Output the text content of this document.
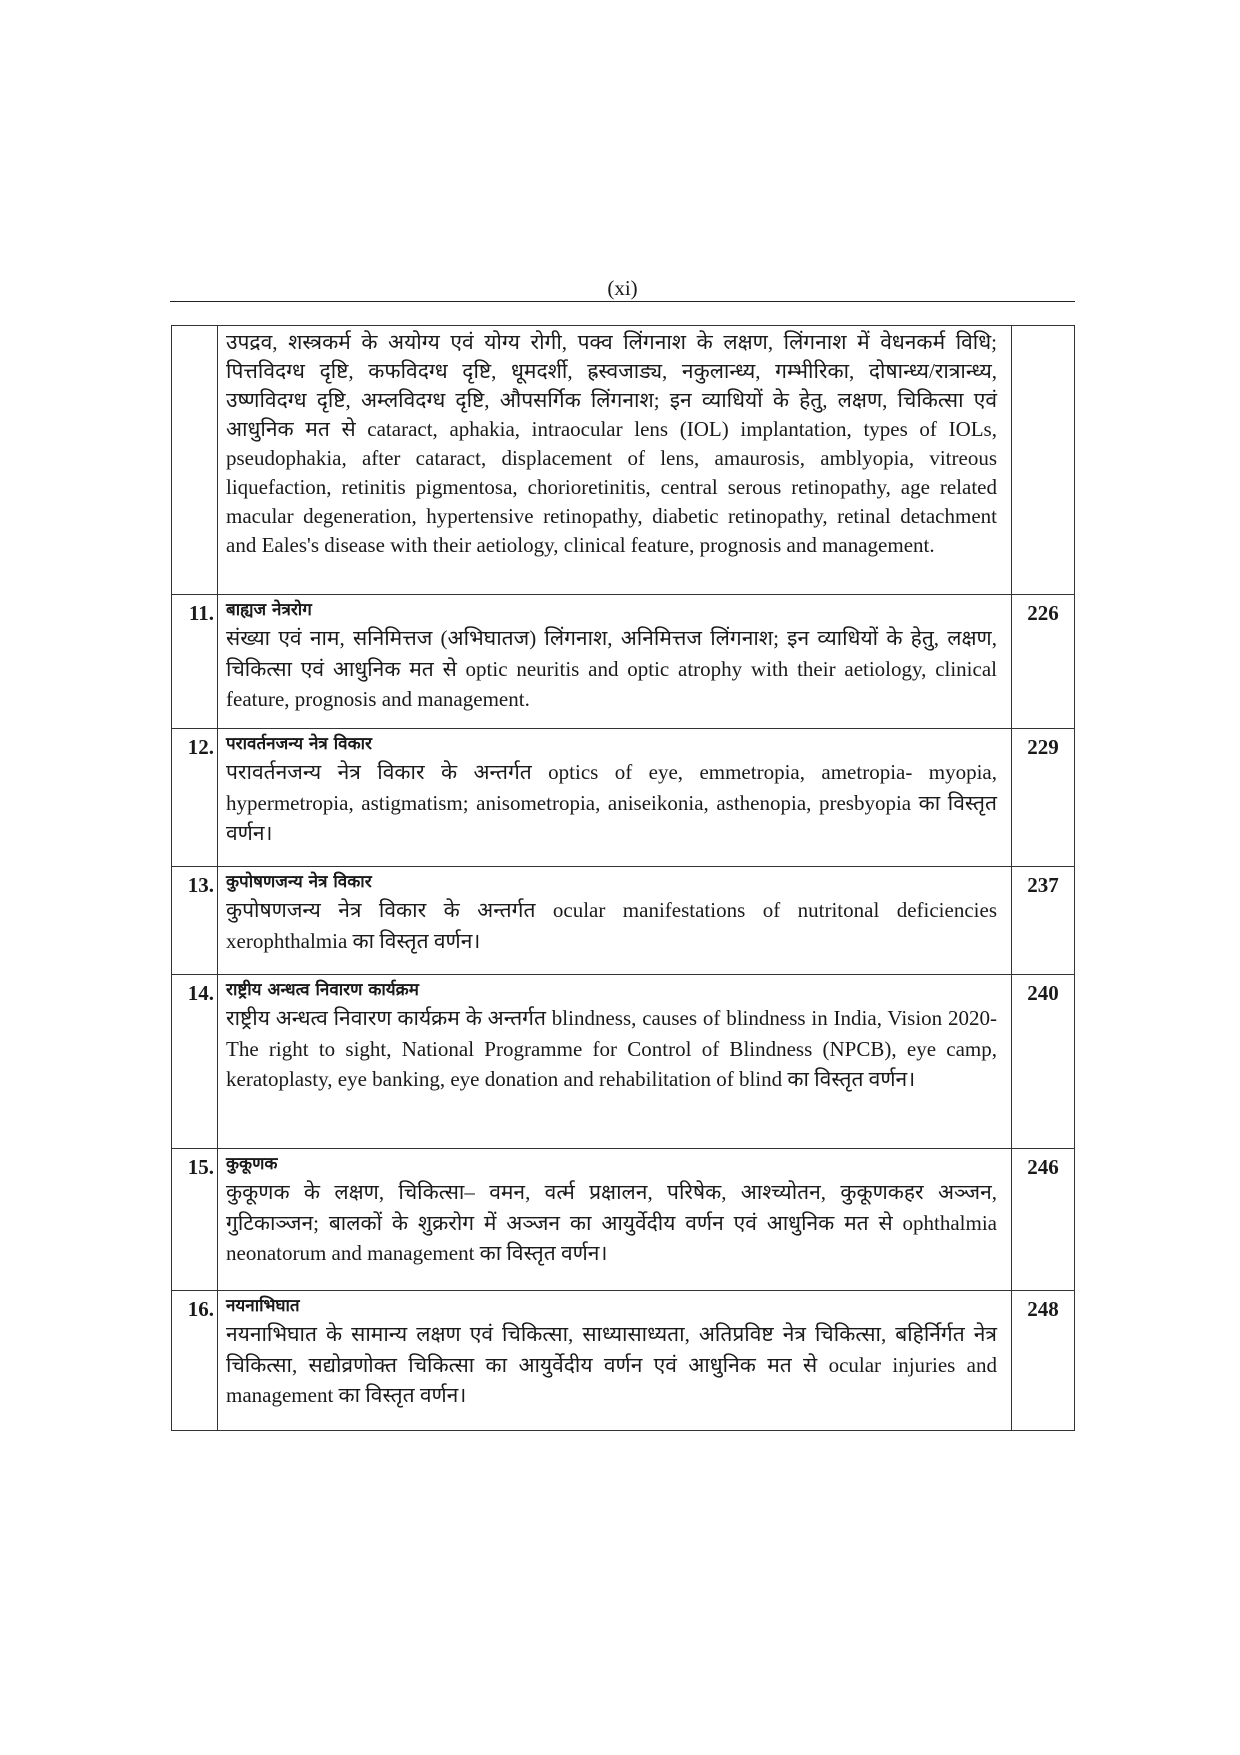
(xi)

	उपद्रव, शस्त्रकर्म के अयोग्य एवं योग्य रोगी, पक्व लिंगनाश के लक्षण, लिंगनाश में वेधनकर्म विधि; पित्तविदग्ध दृष्टि, कफविदग्ध दृष्टि, धूमदर्शी, ह्रस्वजाड्य, नकुलान्ध्य, गम्भीरिका, दोषान्ध्य/रात्रान्ध्य, उष्णविदग्ध दृष्टि, अम्लविदग्ध दृष्टि, औपसर्गिक लिंगनाश; इन व्याधियों के हेतु, लक्षण, चिकित्सा एवं आधुनिक मत से cataract, aphakia, intraocular lens (IOL) implantation, types of IOLs, pseudophakia, after cataract, displacement of lens, amaurosis, amblyopia, vitreous liquefaction, retinitis pigmentosa, chorioretinitis, central serous retinopathy, age related macular degeneration, hypertensive retinopathy, diabetic retinopathy, retinal detachment and Eales's disease with their aetiology, clinical feature, prognosis and management.	

11.	बाह्यज नेत्ररोग
संख्या एवं नाम, सनिमित्तज (अभिघातज) लिंगनाश, अनिमित्तज लिंगनाश; इन व्याधियों के हेतु, लक्षण, चिकित्सा एवं आधुनिक मत से optic neuritis and optic atrophy with their aetiology, clinical feature, prognosis and management.	226
12.	परावर्तनजन्य नेत्र विकार
परावर्तनजन्य नेत्र विकार के अन्तर्गत optics of eye, emmetropia, ametropia- myopia, hypermetropia, astigmatism; anisometropia, aniseikonia, asthenopia, presbyopia का विस्तृत वर्णन।	229
13.	कुपोषणजन्य नेत्र विकार
कुपोषणजन्य नेत्र विकार के अन्तर्गत ocular manifestations of nutritonal deficiencies xerophthalmia का विस्तृत वर्णन।	237
14.	राष्ट्रीय अन्धत्व निवारण कार्यक्रम
राष्ट्रीय अन्धत्व निवारण कार्यक्रम के अन्तर्गत blindness, causes of blindness in India, Vision 2020- The right to sight, National Programme for Control of Blindness (NPCB), eye camp, keratoplasty, eye banking, eye donation and rehabilitation of blind का विस्तृत वर्णन।	240
15.	कुकूणक
कुकूणक के लक्षण, चिकित्सा– वमन, वर्त्म प्रक्षालन, परिषेक, आश्च्योतन, कुकूणकहर अञ्जन, गुटिकाञ्जन; बालकों के शुक्ररोग में अञ्जन का आयुर्वेदीय वर्णन एवं आधुनिक मत से ophthalmia neonatorum and management का विस्तृत वर्णन।	246
16.	नयनाभिघात
नयनाभिघात के सामान्य लक्षण एवं चिकित्सा, साध्यासाध्यता, अतिप्रविष्ट नेत्र चिकित्सा, बहिर्निर्गत नेत्र चिकित्सा, सद्योव्रणोक्त चिकित्सा का आयुर्वेदीय वर्णन एवं आधुनिक मत से ocular injuries and management का विस्तृत वर्णन।	248
